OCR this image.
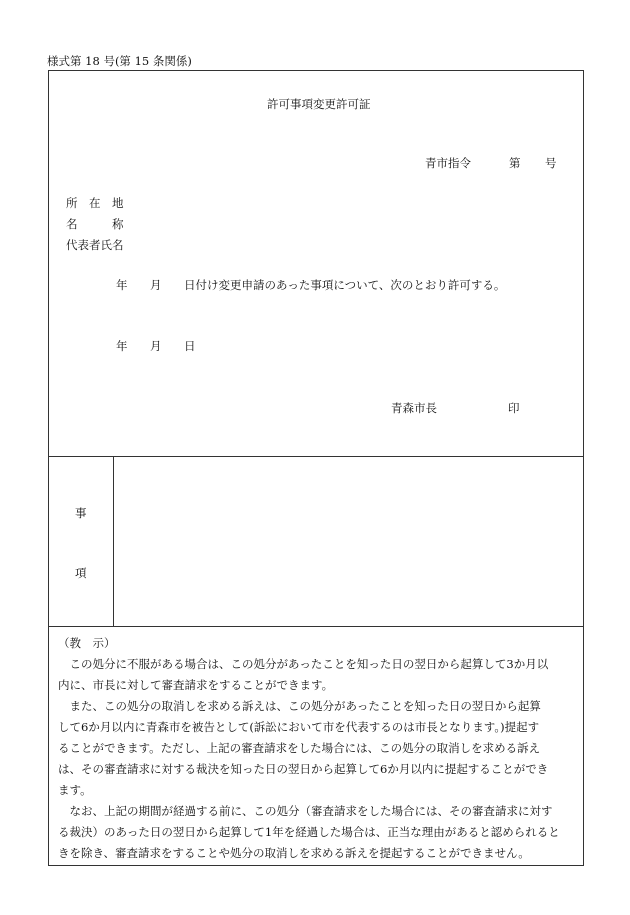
様式第 18 号(第 15 条関係)
許可事項変更許可証
青市指令	第 号
所　在　地
名　　　称
代表者氏名
年 月 日付け変更申請のあった事項について、次のとおり許可する。
年 月 日
青森市長	印
事
項
（教　示）
　この処分に不服がある場合は、この処分があったことを知った日の翌日から起算して3か月以
内に、市長に対して審査請求をすることができます。
　また、この処分の取消しを求める訴えは、この処分があったことを知った日の翌日から起算
して6か月以内に青森市を被告として(訴訟において市を代表するのは市長となります。)提起す
ることができます。ただし、上記の審査請求をした場合には、この処分の取消しを求める訴え
は、その審査請求に対する裁決を知った日の翌日から起算して6か月以内に提起することができ
ます。
　なお、上記の期間が経過する前に、この処分（審査請求をした場合には、その審査請求に対す
る裁決）のあった日の翌日から起算して1年を経過した場合は、正当な理由があると認められると
きを除き、審査請求をすることや処分の取消しを求める訴えを提起することができません。
